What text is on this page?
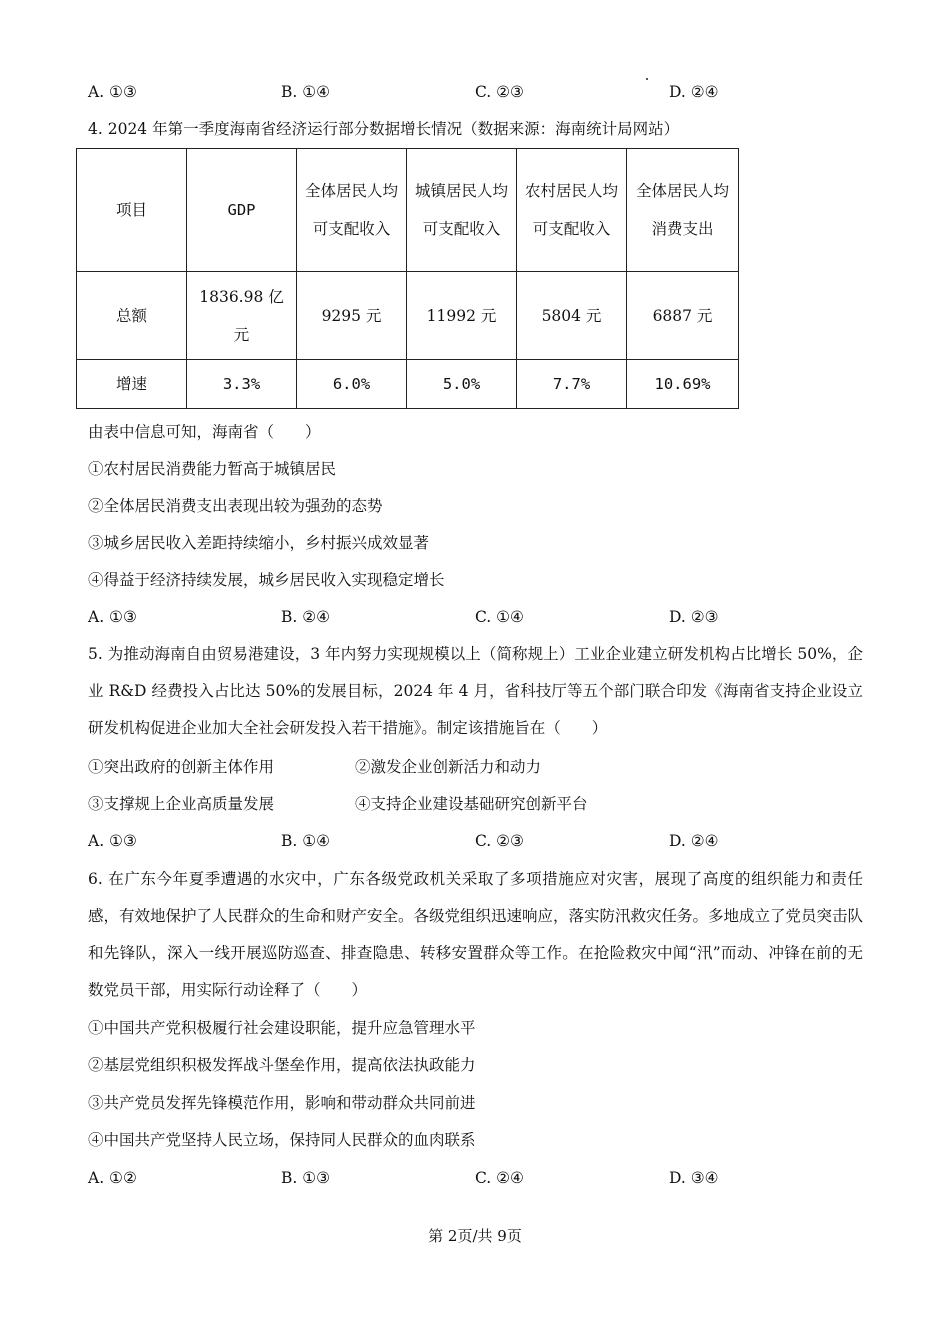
A. ①③	B. ①④	C. ②③	D. ②④
4. 2024 年第一季度海南省经济运行部分数据增长情况（数据来源：海南统计局网站）
项目	GDP	全体居民人均可支配收入	城镇居民人均可支配收入	农村居民人均可支配收入	全体居民人均消费支出
总额	1836.98 亿元	9295 元	11992 元	5804 元	6887 元
增速	3.3%	6.0%	5.0%	7.7%	10.69%
由表中信息可知，海南省（　　）
①农村居民消费能力暂高于城镇居民
②全体居民消费支出表现出较为强劲的态势
③城乡居民收入差距持续缩小，乡村振兴成效显著
④得益于经济持续发展，城乡居民收入实现稳定增长
A. ①③	B. ②④	C. ①④	D. ②③
5. 为推动海南自由贸易港建设，3 年内努力实现规模以上（简称规上）工业企业建立研发机构占比增长 50%，企业 R&D 经费投入占比达 50%的发展目标，2024 年 4 月，省科技厅等五个部门联合印发《海南省支持企业设立研发机构促进企业加大全社会研发投入若干措施》。制定该措施旨在（　　）
①突出政府的创新主体作用	②激发企业创新活力和动力
③支撑规上企业高质量发展	④支持企业建设基础研究创新平台
A. ①③	B. ①④	C. ②③	D. ②④
6. 在广东今年夏季遭遇的水灾中，广东各级党政机关采取了多项措施应对灾害，展现了高度的组织能力和责任感，有效地保护了人民群众的生命和财产安全。各级党组织迅速响应，落实防汛救灾任务。多地成立了党员突击队和先锋队，深入一线开展巡防巡查、排查隐患、转移安置群众等工作。在抢险救灾中闻“汛”而动、冲锋在前的无数党员干部，用实际行动诠释了（　　）
①中国共产党积极履行社会建设职能，提升应急管理水平
②基层党组织积极发挥战斗堡垒作用，提高依法执政能力
③共产党员发挥先锋模范作用，影响和带动群众共同前进
④中国共产党坚持人民立场，保持同人民群众的血肉联系
A. ①②	B. ①③	C. ②④	D. ③④
第 2页/共 9页
